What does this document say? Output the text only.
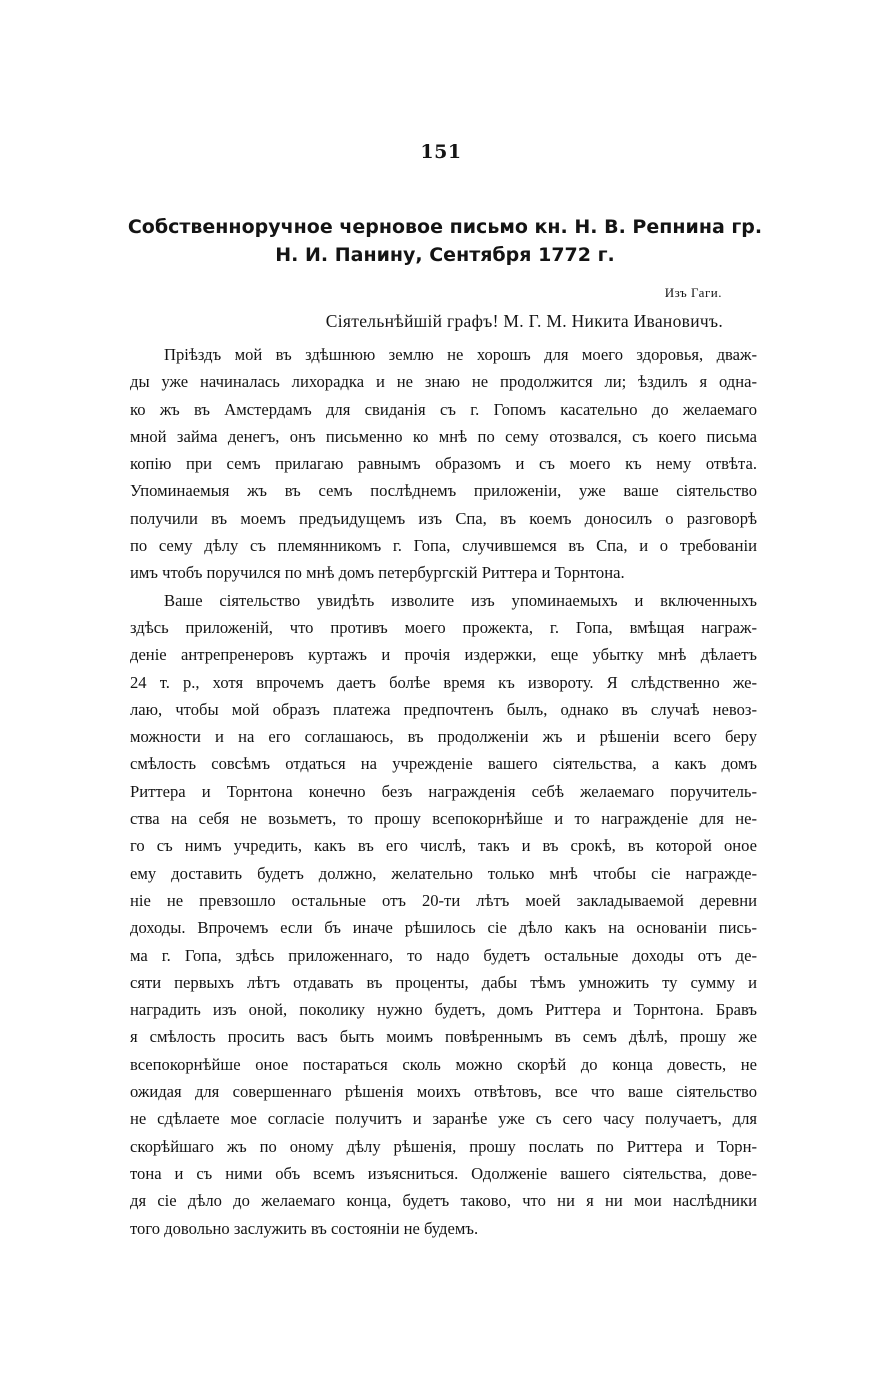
151
Собственноручное черновое письмо кн. Н. В. Репнина гр.
Н. И. Панину, Сентября 1772 г.
Изъ Гаги.
Сіятельнѣйшій графъ! М. Г. М. Никита Ивановичъ.
Пріѣздъ мой въ здѣшнюю землю не хорошъ для моего здоровья, дваж-
ды уже начиналась лихорадка и не знаю не продолжится ли; ѣздилъ я одна-
ко жъ въ Амстердамъ для свиданія съ г. Гопомъ касательно до желаемаго
мной займа денегъ, онъ письменно ко мнѣ по сему отозвался, съ коего письма
копію при семъ прилагаю равнымъ образомъ и съ моего къ нему отвѣта.
Упоминаемыя жъ въ семъ послѣднемъ приложеніи, уже ваше сіятельство
получили въ моемъ предъидущемъ изъ Спа, въ коемъ доносилъ о разговорѣ
по сему дѣлу съ племянникомъ г. Гопа, случившемся въ Спа, и о требованіи
имъ чтобъ поручился по мнѣ домъ петербургскій Риттера и Торнтона.
Ваше сіятельство увидѣть изволите изъ упоминаемыхъ и включенныхъ
здѣсь приложеній, что противъ моего прожекта, г. Гопа, вмѣщая награж-
деніе антрепренеровъ куртажъ и прочія издержки, еще убытку мнѣ дѣлаетъ
24 т. р., хотя впрочемъ даетъ болѣе время къ извороту. Я слѣдственно же-
лаю, чтобы мой образъ платежа предпочтенъ былъ, однако въ случаѣ невоз-
можности и на его соглашаюсь, въ продолженіи жъ и рѣшеніи всего беру
смѣлость совсѣмъ отдаться на учрежденіе вашего сіятельства, а какъ домъ
Риттера и Торнтона конечно безъ награжденія себѣ желаемаго поручитель-
ства на себя не возьметъ, то прошу всепокорнѣйше и то награжденіе для не-
го съ нимъ учредить, какъ въ его числѣ, такъ и въ срокѣ, въ которой оное
ему доставить будетъ должно, желательно только мнѣ чтобы сіе награжде-
ніе не превзошло остальные отъ 20-ти лѣтъ моей закладываемой деревни
доходы. Впрочемъ если бъ иначе рѣшилось сіе дѣло какъ на основаніи пись-
ма г. Гопа, здѣсь приложеннаго, то надо будетъ остальные доходы отъ де-
сяти первыхъ лѣтъ отдавать въ проценты, дабы тѣмъ умножить ту сумму и
наградить изъ оной, поколику нужно будетъ, домъ Риттера и Торнтона. Бравъ
я смѣлость просить васъ быть моимъ повѣреннымъ въ семъ дѣлѣ, прошу же
всепокорнѣйше оное постараться сколь можно скорѣй до конца довесть, не
ожидая для совершеннаго рѣшенія моихъ отвѣтовъ, все что ваше сіятельство
не сдѣлаете мое согласіе получитъ и заранѣе уже съ сего часу получаетъ, для
скорѣйшаго жъ по оному дѣлу рѣшенія, прошу послать по Риттера и Торн-
тона и съ ними объ всемъ изъясниться. Одолженіе вашего сіятельства, дове-
дя сіе дѣло до желаемаго конца, будетъ таково, что ни я ни мои наслѣдники
того довольно заслужить въ состояніи не будемъ.
